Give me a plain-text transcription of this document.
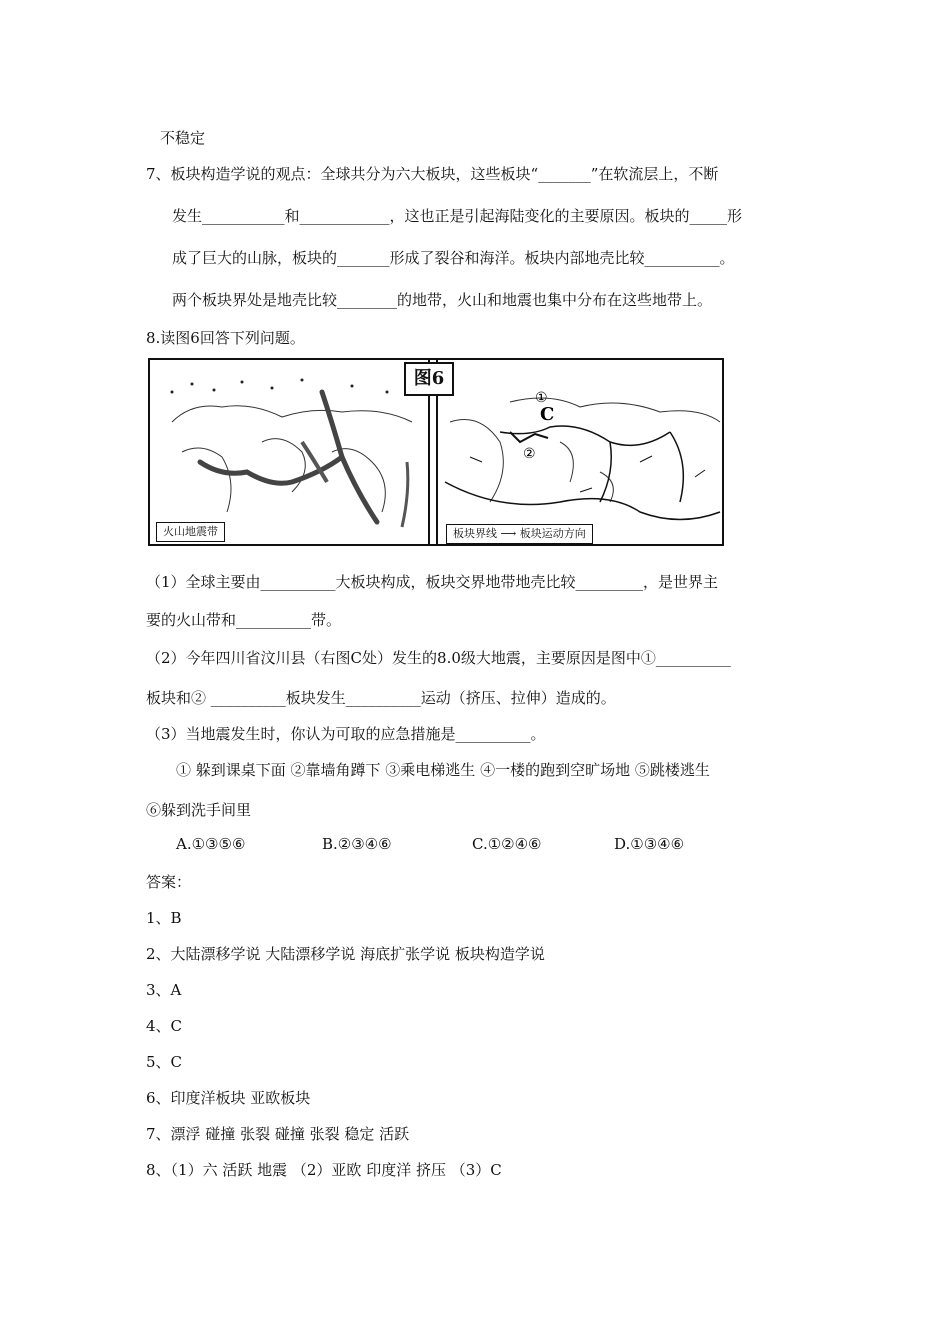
不稳定
7、板块构造学说的观点：全球共分为六大板块，这些板块“_______”在软流层上，不断
发生___________和____________，这也正是引起海陆变化的主要原因。板块的_____形
成了巨大的山脉，板块的_______形成了裂谷和海洋。板块内部地壳比较__________。
两个板块界处是地壳比较________的地带，火山和地震也集中分布在这些地带上。
8.读图6回答下列问题。
①
C
②
图6
火山地震带	板块界线 ⟶ 板块运动方向
（1）全球主要由__________大板块构成，板块交界地带地壳比较_________，是世界主
要的火山带和__________带。
（2）今年四川省汶川县（右图C处）发生的8.0级大地震，主要原因是图中①__________
板块和② __________板块发生__________运动（挤压、拉伸）造成的。
（3）当地震发生时，你认为可取的应急措施是__________。
① 躲到课桌下面 ②靠墙角蹲下 ③乘电梯逃生 ④一楼的跑到空旷场地 ⑤跳楼逃生
⑥躲到洗手间里
A.①③⑤⑥	B.②③④⑥	C.①②④⑥	D.①③④⑥
答案：
1、B
2、大陆漂移学说 大陆漂移学说 海底扩张学说 板块构造学说
3、A
4、C
5、C
6、印度洋板块 亚欧板块
7、漂浮 碰撞 张裂 碰撞 张裂 稳定 活跃
8、（1）六 活跃 地震 （2）亚欧 印度洋 挤压 （3）C
